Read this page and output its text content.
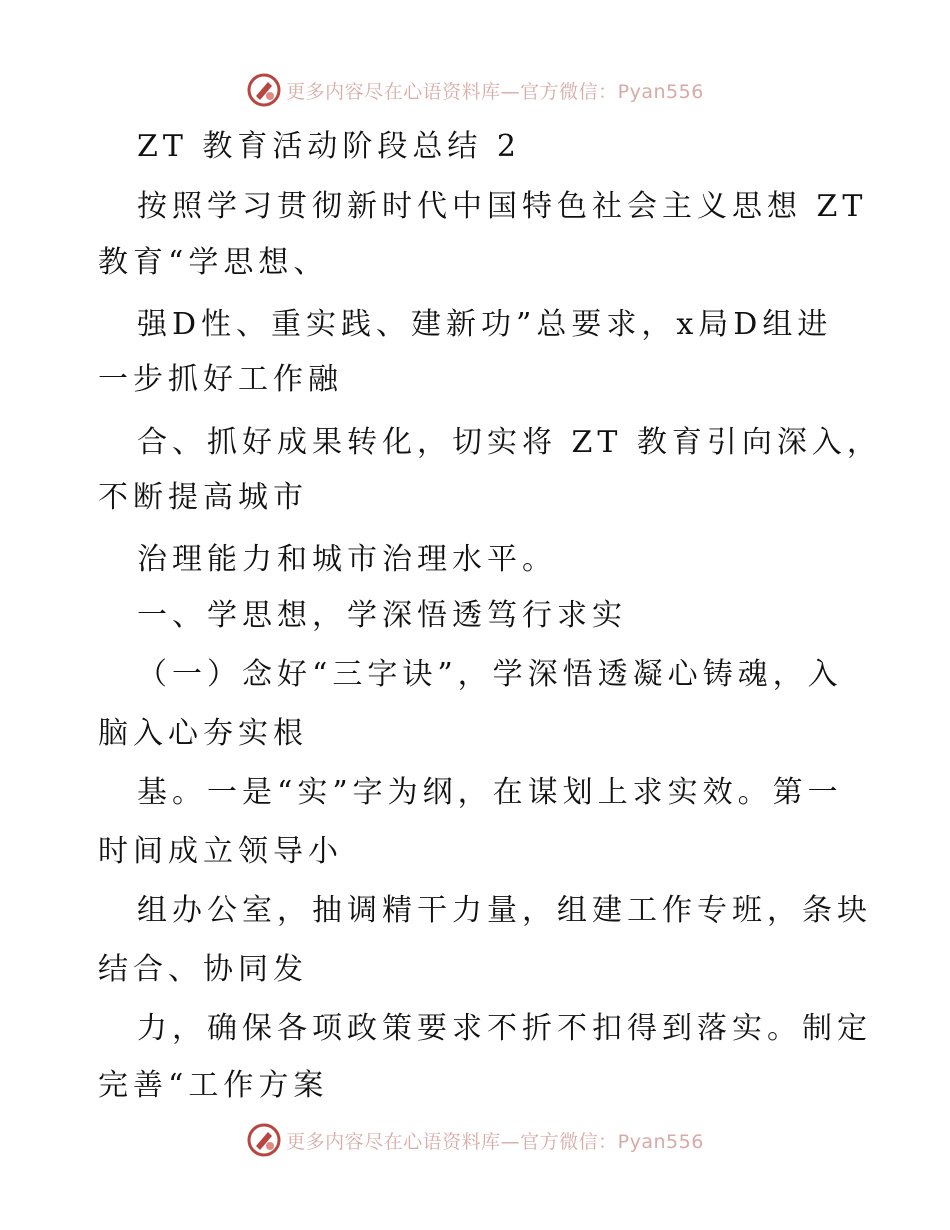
更多内容尽在心语资料库—官方微信：Pyan556
ZT 教育活动阶段总结 2
按照学习贯彻新时代中国特色社会主义思想 ZT
教育“学思想、
强D性、重实践、建新功”总要求，x局D组进
一步抓好工作融
合、抓好成果转化，切实将 ZT 教育引向深入，
不断提高城市
治理能力和城市治理水平。
一、学思想，学深悟透笃行求实
（一）念好“三字诀”，学深悟透凝心铸魂，入
脑入心夯实根
基。一是“实”字为纲，在谋划上求实效。第一
时间成立领导小
组办公室，抽调精干力量，组建工作专班，条块
结合、协同发
力，确保各项政策要求不折不扣得到落实。制定
完善“工作方案
更多内容尽在心语资料库—官方微信：Pyan556
